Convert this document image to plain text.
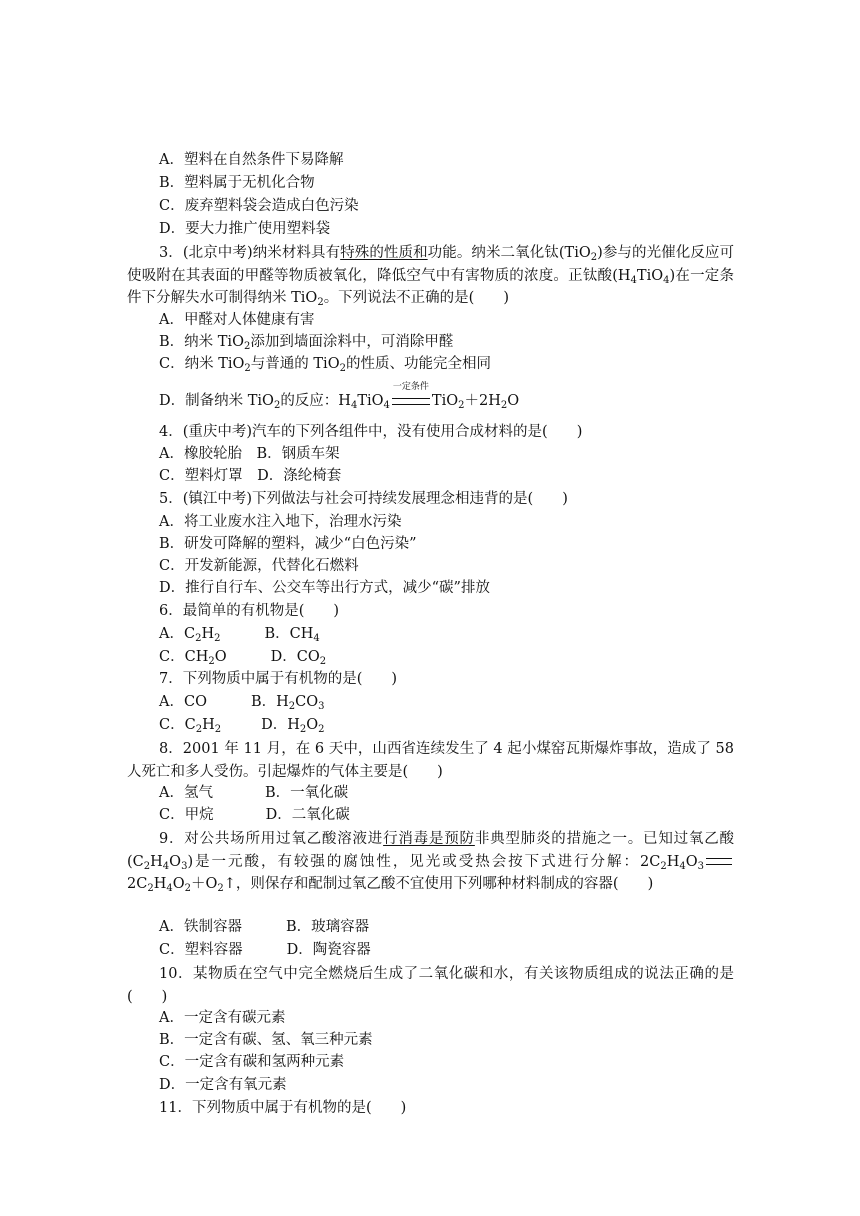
A．塑料在自然条件下易降解
B．塑料属于无机化合物
C．废弃塑料袋会造成白色污染
D．要大力推广使用塑料袋
3．(北京中考)纳米材料具有特殊的性质和功能。纳米二氧化钛(TiO$_2$)参与的光催化反应可使吸附在其表面的甲醛等物质被氧化，降低空气中有害物质的浓度。正钛酸$(H_4TiO_4)$在一定条件下分解失水可制得纳米 TiO$_2$。下列说法不正确的是(　　)
A．甲醛对人体健康有害
B．纳米 TiO$_2$添加到墙面涂料中，可消除甲醛
C．纳米 TiO$_2$与普通的 TiO$_2$的性质、功能完全相同
D．制备纳米 TiO$_2$的反应：$H_4TiO_4$
一定条件
$TiO_2+2H_2O$
4．(重庆中考)汽车的下列各组件中，没有使用合成材料的是(　　)
A．橡胶轮胎　B．钢质车架
C．塑料灯罩　D．涤纶椅套
5．(镇江中考)下列做法与社会可持续发展理念相违背的是(　　)
A．将工业废水注入地下，治理水污染
B．研发可降解的塑料，减少“白色污染”
C．开发新能源，代替化石燃料
D．推行自行车、公交车等出行方式，减少“碳”排放
6．最简单的有机物是(　　)
A．$C_2H_2$	B．$CH_4$
C．$CH_2O$	D．$CO_2$
7．下列物质中属于有机物的是(　　)
A．CO	B．$H_2CO_3$
C．$C_2H_2$	D．$H_2O_2$
8．2001 年 11 月，在 6 天中，山西省连续发生了 4 起小煤窑瓦斯爆炸事故，造成了 58 人死亡和多人受伤。引起爆炸的气体主要是(　　)
A．氢气	B．一氧化碳
C．甲烷	D．二氧化碳
9．对公共场所用过氧乙酸溶液进行消毒是预防非典型肺炎的措施之一。已知过氧乙酸$(C_2H_4O_3)$是一元酸，有较强的腐蚀性，见光或受热会按下式进行分解：$2C_2H_4O_32C_2H_4O_2+O_2↑$，则保存和配制过氧乙酸不宜使用下列哪种材料制成的容器(　　)
A．铁制容器	B．玻璃容器
C．塑料容器	D．陶瓷容器
10．某物质在空气中完全燃烧后生成了二氧化碳和水，有关该物质组成的说法正确的是(　　)
A．一定含有碳元素
B．一定含有碳、氢、氧三种元素
C．一定含有碳和氢两种元素
D．一定含有氧元素
11．下列物质中属于有机物的是(　　)
